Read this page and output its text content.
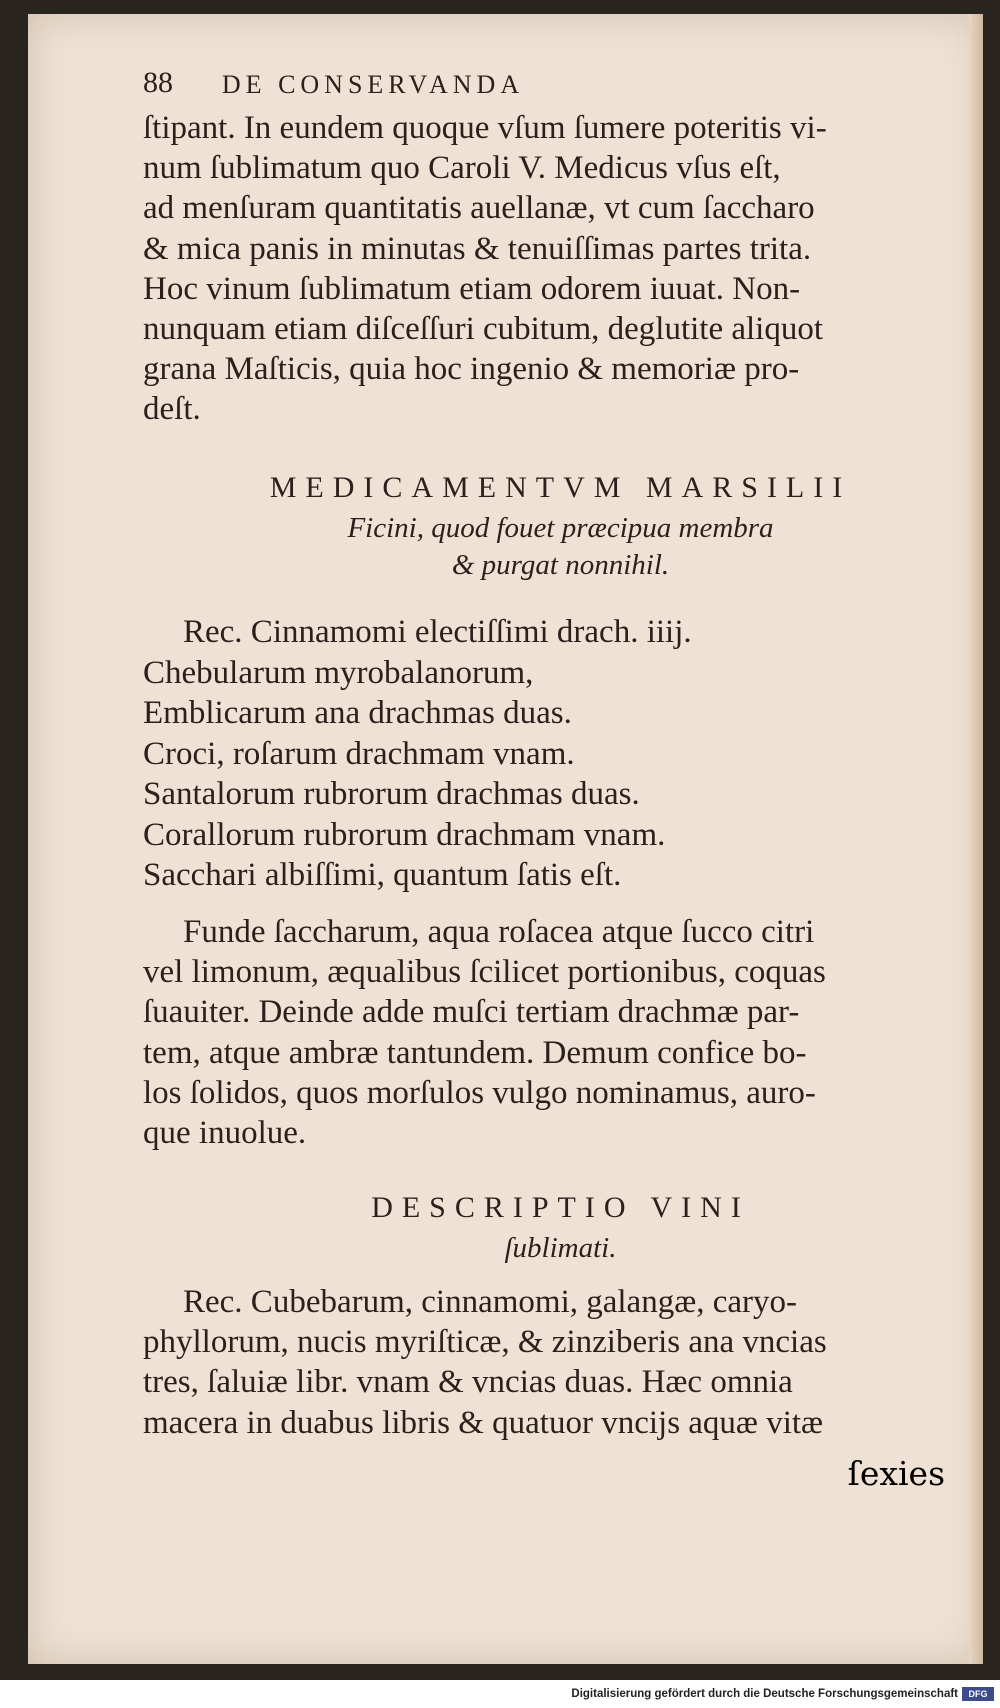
88	DE CONSERVANDA

ſtipant. In eundem quoque vſum ſumere poteritis vi-
num ſublimatum quo Caroli V. Medicus vſus eſt,
ad menſuram quantitatis auellanæ, vt cum ſaccharo
& mica panis in minutas & tenuiſſimas partes trita.
Hoc vinum ſublimatum etiam odorem iuuat. Non-
nunquam etiam diſceſſuri cubitum, deglutite aliquot
grana Maſticis, quia hoc ingenio & memoriæ pro-
deſt.

MEDICAMENTVM MARSILII
Ficini, quod fouet præcipua membra
& purgat nonnihil.

Rec. Cinnamomi electiſſimi drach. iiij.
Chebularum myrobalanorum,
Emblicarum ana drachmas duas.
Croci, roſarum drachmam vnam.
Santalorum rubrorum drachmas duas.
Corallorum rubrorum drachmam vnam.
Sacchari albiſſimi, quantum ſatis eſt.

Funde ſaccharum, aqua roſacea atque ſucco citri
vel limonum, æqualibus ſcilicet portionibus, coquas
ſuauiter. Deinde adde muſci tertiam drachmæ par-
tem, atque ambræ tantundem. Demum confice bo-
los ſolidos, quos morſulos vulgo nominamus, auro-
que inuolue.

DESCRIPTIO VINI
ſublimati.

Rec. Cubebarum, cinnamomi, galangæ, caryo-
phyllorum, nucis myriſticæ, & zinziberis ana vncias
tres, ſaluiæ libr. vnam & vncias duas. Hæc omnia
macera in duabus libris & quatuor vncijs aquæ vitæ

ſexies
Digitalisierung gefördert durch die Deutsche Forschungsgemeinschaft	DFG
